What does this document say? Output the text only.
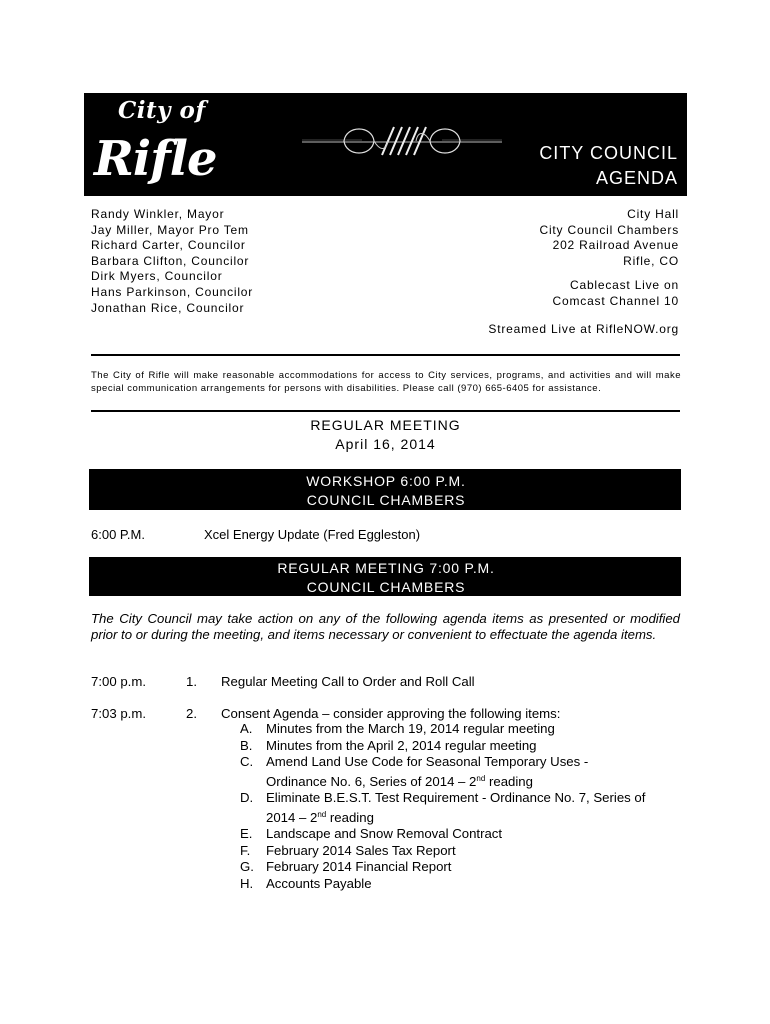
City of
Rifle	CITY COUNCIL
AGENDA
Randy Winkler, Mayor
Jay Miller, Mayor Pro Tem
Richard Carter, Councilor
Barbara Clifton, Councilor
Dirk Myers, Councilor
Hans Parkinson, Councilor
Jonathan Rice, Councilor
City Hall
City Council Chambers
202 Railroad Avenue
Rifle, CO
Cablecast Live on
Comcast Channel 10
Streamed Live at RifleNOW.org
The City of Rifle will make reasonable accommodations for access to City services, programs, and activities and will make special communication arrangements for persons with disabilities. Please call (970) 665-6405 for assistance.
REGULAR MEETING
April 16, 2014
WORKSHOP 6:00 P.M.
COUNCIL CHAMBERS
6:00 P.M.	Xcel Energy Update (Fred Eggleston)
REGULAR MEETING 7:00 P.M.
COUNCIL CHAMBERS
The City Council may take action on any of the following agenda items as presented or modified prior to or during the meeting, and items necessary or convenient to effectuate the agenda items.
7:00 p.m.	1. Regular Meeting Call to Order and Roll Call
7:03 p.m.	2. Consent Agenda – consider approving the following items:
A.	Minutes from the March 19, 2014 regular meeting
B.	Minutes from the April 2, 2014 regular meeting
C. Amend Land Use Code for Seasonal Temporary Uses -
Ordinance No. 6, Series of 2014 – 2nd reading
D. Eliminate B.E.S.T. Test Requirement - Ordinance No. 7, Series of
2014 – 2nd reading
E.	Landscape and Snow Removal Contract
F.	February 2014 Sales Tax Report
G. February 2014 Financial Report
H. Accounts Payable
